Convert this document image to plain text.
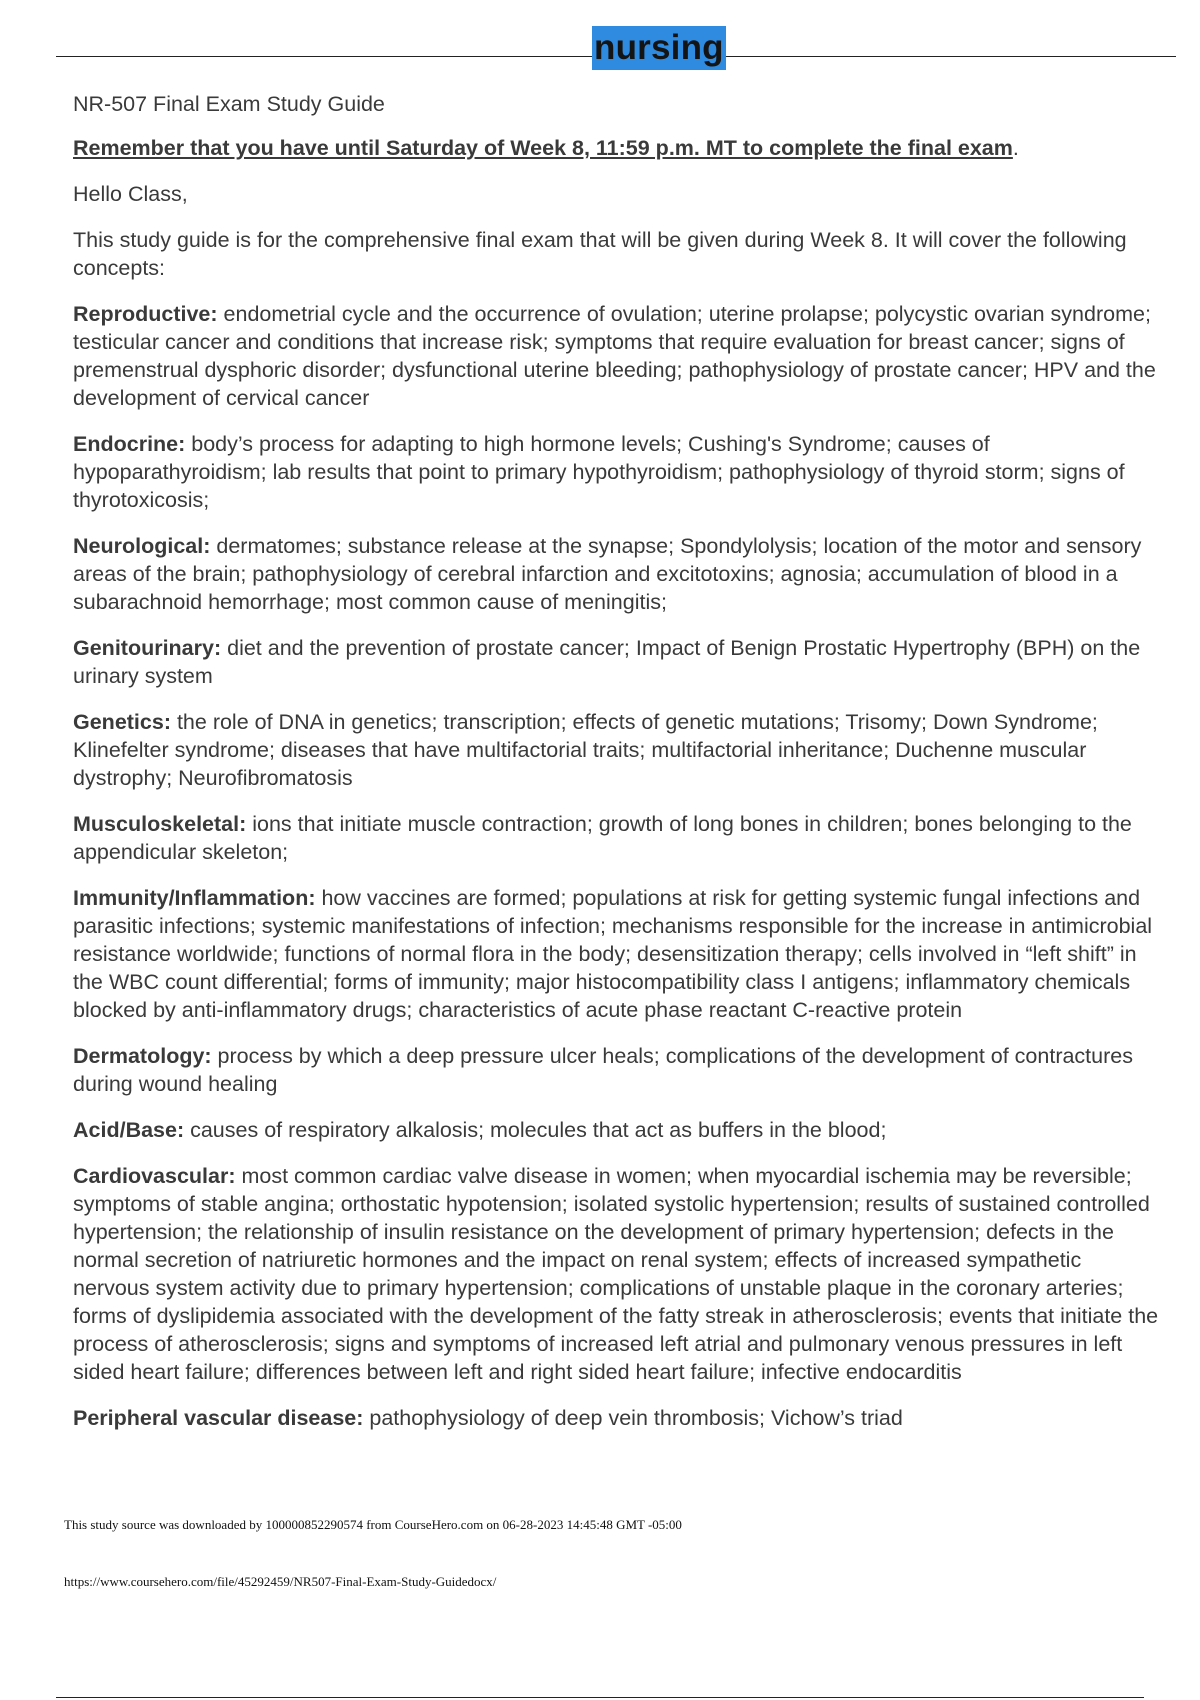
nursing

NR-507 Final Exam Study Guide

Remember that you have until Saturday of Week 8, 11:59 p.m. MT to complete the final exam.

Hello Class,

This study guide is for the comprehensive final exam that will be given during Week 8. It will cover the following concepts:

Reproductive: endometrial cycle and the occurrence of ovulation; uterine prolapse; polycystic ovarian syndrome; testicular cancer and conditions that increase risk; symptoms that require evaluation for breast cancer; signs of premenstrual dysphoric disorder; dysfunctional uterine bleeding; pathophysiology of prostate cancer; HPV and the development of cervical cancer

Endocrine: body’s process for adapting to high hormone levels; Cushing's Syndrome; causes of hypoparathyroidism; lab results that point to primary hypothyroidism; pathophysiology of thyroid storm; signs of thyrotoxicosis;

Neurological: dermatomes; substance release at the synapse; Spondylolysis; location of the motor and sensory areas of the brain; pathophysiology of cerebral infarction and excitotoxins; agnosia; accumulation of blood in a subarachnoid hemorrhage; most common cause of meningitis;

Genitourinary: diet and the prevention of prostate cancer; Impact of Benign Prostatic Hypertrophy (BPH) on the urinary system

Genetics: the role of DNA in genetics; transcription; effects of genetic mutations; Trisomy; Down Syndrome; Klinefelter syndrome; diseases that have multifactorial traits; multifactorial inheritance; Duchenne muscular dystrophy; Neurofibromatosis

Musculoskeletal: ions that initiate muscle contraction; growth of long bones in children; bones belonging to the appendicular skeleton;

Immunity/Inflammation: how vaccines are formed; populations at risk for getting systemic fungal infections and parasitic infections; systemic manifestations of infection; mechanisms responsible for the increase in antimicrobial resistance worldwide; functions of normal flora in the body; desensitization therapy; cells involved in “left shift” in the WBC count differential; forms of immunity; major histocompatibility class I antigens; inflammatory chemicals blocked by anti-inflammatory drugs; characteristics of acute phase reactant C-reactive protein

Dermatology: process by which a deep pressure ulcer heals; complications of the development of contractures during wound healing

Acid/Base: causes of respiratory alkalosis; molecules that act as buffers in the blood;

Cardiovascular: most common cardiac valve disease in women; when myocardial ischemia may be reversible; symptoms of stable angina; orthostatic hypotension; isolated systolic hypertension; results of sustained controlled hypertension; the relationship of insulin resistance on the development of primary hypertension; defects in the normal secretion of natriuretic hormones and the impact on renal system; effects of increased sympathetic nervous system activity due to primary hypertension; complications of unstable plaque in the coronary arteries; forms of dyslipidemia associated with the development of the fatty streak in atherosclerosis; events that initiate the process of atherosclerosis; signs and symptoms of increased left atrial and pulmonary venous pressures in left sided heart failure; differences between left and right sided heart failure; infective endocarditis

Peripheral vascular disease: pathophysiology of deep vein thrombosis; Vichow’s triad

This study source was downloaded by 100000852290574 from CourseHero.com on 06-28-2023 14:45:48 GMT -05:00
https://www.coursehero.com/file/45292459/NR507-Final-Exam-Study-Guidedocx/
